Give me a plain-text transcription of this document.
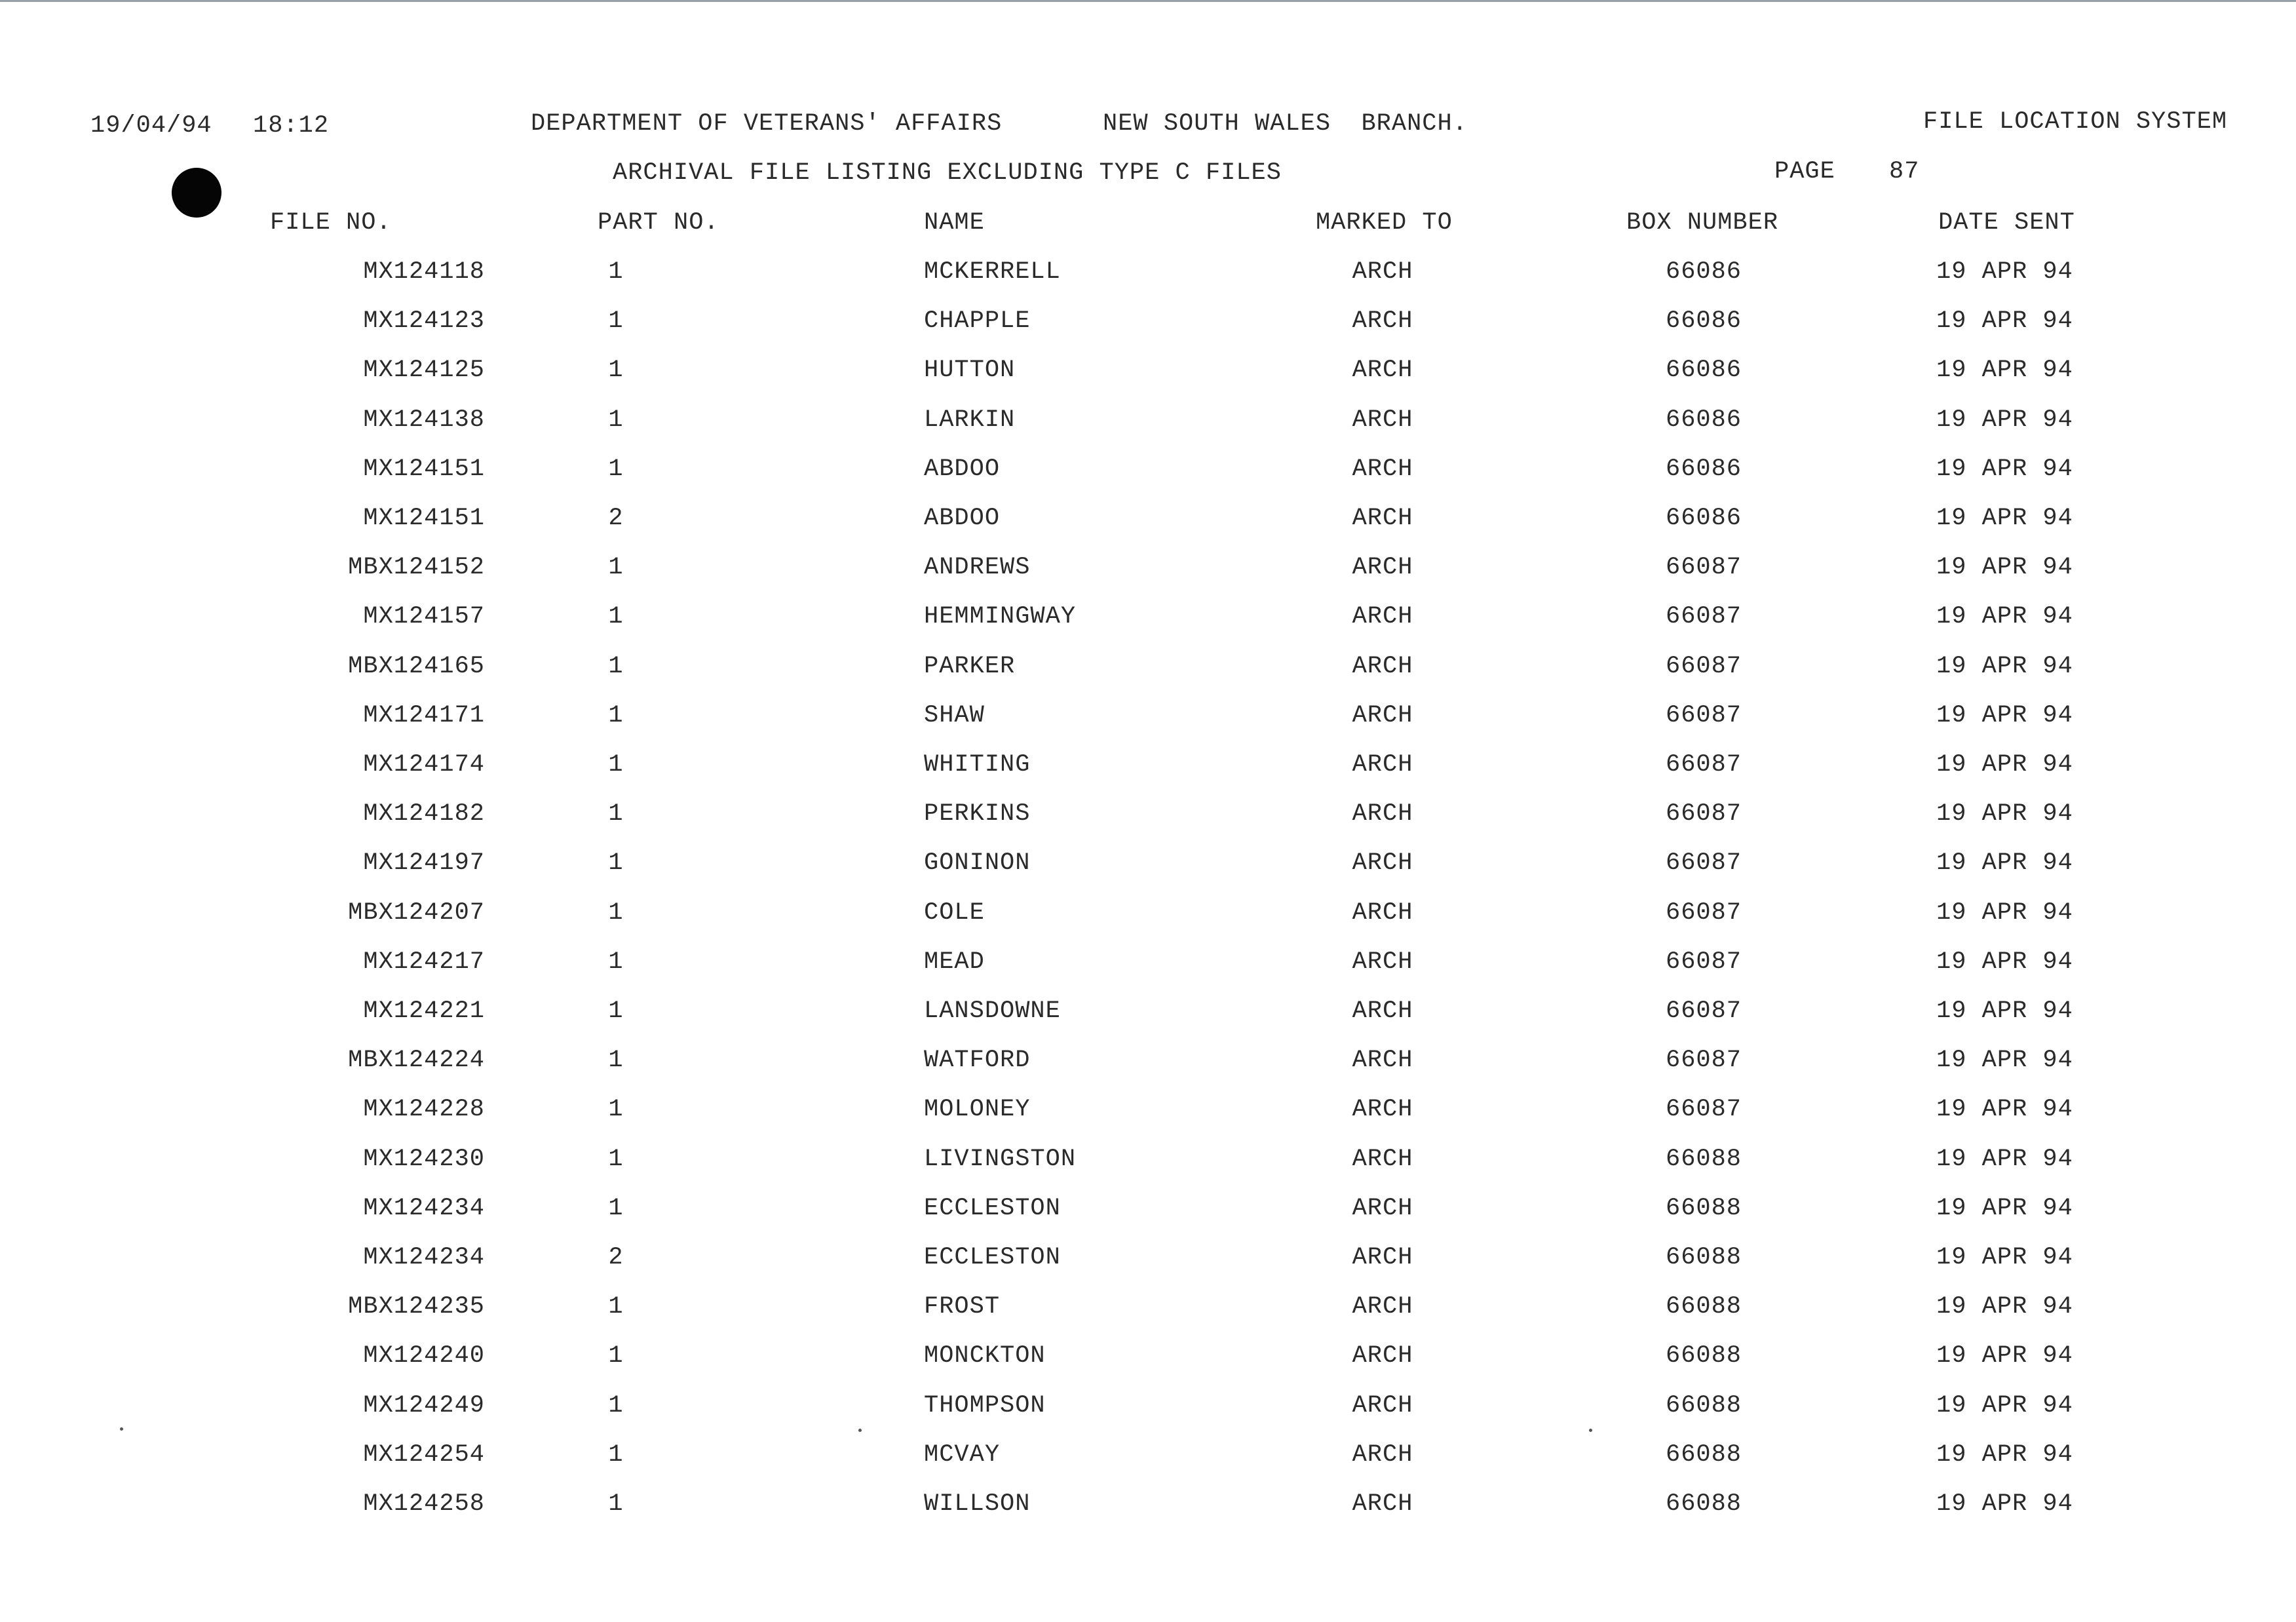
19/04/94 18:12	DEPARTMENT OF VETERANS' AFFAIRS	NEW SOUTH WALES  BRANCH.	FILE LOCATION SYSTEM
ARCHIVAL FILE LISTING EXCLUDING TYPE C FILES	PAGE 87
FILE NO.	PART NO.	NAME	MARKED TO	BOX NUMBER	DATE SENT
MX124118	1	MCKERRELL	ARCH	66086	19 APR 94
MX124123	1	CHAPPLE	ARCH	66086	19 APR 94
MX124125	1	HUTTON	ARCH	66086	19 APR 94
MX124138	1	LARKIN	ARCH	66086	19 APR 94
MX124151	1	ABDOO	ARCH	66086	19 APR 94
MX124151	2	ABDOO	ARCH	66086	19 APR 94
MBX124152	1	ANDREWS	ARCH	66087	19 APR 94
MX124157	1	HEMMINGWAY	ARCH	66087	19 APR 94
MBX124165	1	PARKER	ARCH	66087	19 APR 94
MX124171	1	SHAW	ARCH	66087	19 APR 94
MX124174	1	WHITING	ARCH	66087	19 APR 94
MX124182	1	PERKINS	ARCH	66087	19 APR 94
MX124197	1	GONINON	ARCH	66087	19 APR 94
MBX124207	1	COLE	ARCH	66087	19 APR 94
MX124217	1	MEAD	ARCH	66087	19 APR 94
MX124221	1	LANSDOWNE	ARCH	66087	19 APR 94
MBX124224	1	WATFORD	ARCH	66087	19 APR 94
MX124228	1	MOLONEY	ARCH	66087	19 APR 94
MX124230	1	LIVINGSTON	ARCH	66088	19 APR 94
MX124234	1	ECCLESTON	ARCH	66088	19 APR 94
MX124234	2	ECCLESTON	ARCH	66088	19 APR 94
MBX124235	1	FROST	ARCH	66088	19 APR 94
MX124240	1	MONCKTON	ARCH	66088	19 APR 94
MX124249	1	THOMPSON	ARCH	66088	19 APR 94
MX124254	1	MCVAY	ARCH	66088	19 APR 94
MX124258	1	WILLSON	ARCH	66088	19 APR 94
